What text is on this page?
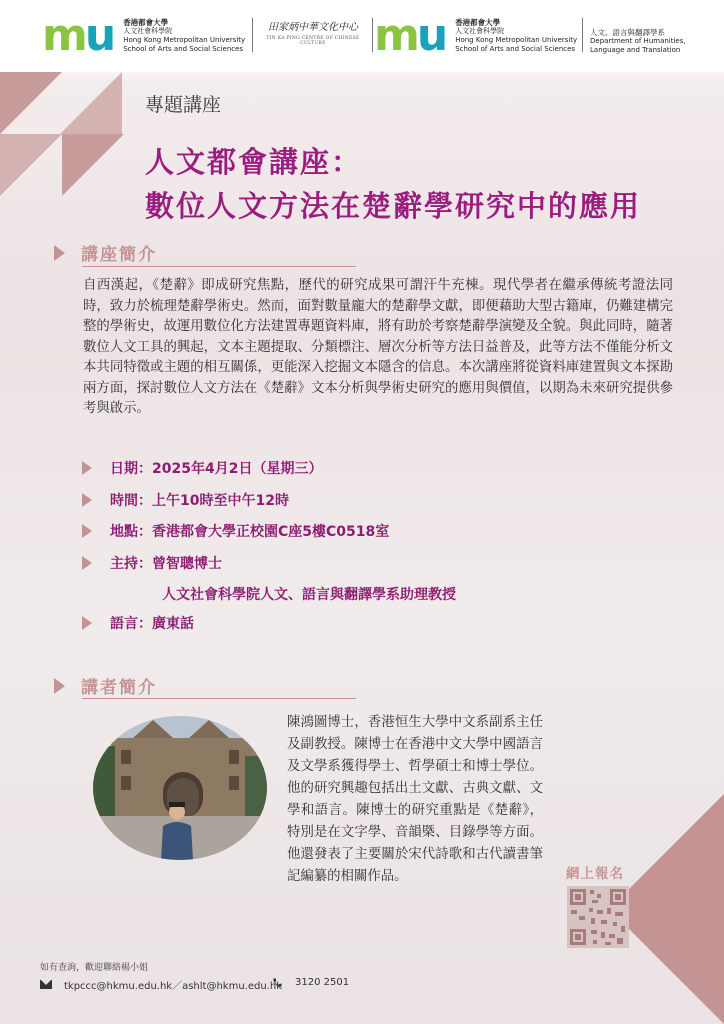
mu 香港都會大學
人文社會科學院
Hong Kong Metropolitan University
School of Arts and Social Sciences
田家炳中華文化中心
TIN KA PING CENTRE OF CHINESE CULTURE	mu 香港都會大學
人文社會科學院
Hong Kong Metropolitan University
School of Arts and Social Sciences
人文、語言與翻譯學系
Department of Humanities,
Language and Translation
專題講座
人文都會講座：
數位人文方法在楚辭學研究中的應用
講座簡介
自西漢起，《楚辭》即成研究焦點，歷代的研究成果可謂汗牛充棟。現代學者在繼承傳統考證法同時，致力於梳理楚辭學術史。然而，面對數量龐大的楚辭學文獻，即便藉助大型古籍庫，仍難建構完整的學術史，故運用數位化方法建置專題資料庫，將有助於考察楚辭學演變及全貌。與此同時，隨著數位人文工具的興起，文本主題提取、分類標注、層次分析等方法日益普及，此等方法不僅能分析文本共同特徵或主題的相互關係，更能深入挖掘文本隱含的信息。本次講座將從資料庫建置與文本探勘兩方面，探討數位人文方法在《楚辭》文本分析與學術史研究的應用與價值，以期為未來研究提供參考與啟示。
日期： 2025年4月2日（星期三）
時間： 上午10時至中午12時
地點： 香港都會大學正校園C座5樓C0518室
主持： 曾智聰博士
人文社會科學院人文、語言與翻譯學系助理教授
語言： 廣東話
講者簡介
陳鴻圖博士，香港恒生大學中文系副系主任及副教授。陳博士在香港中文大學中國語言及文學系獲得學士、哲學碩士和博士學位。他的研究興趣包括出土文獻、古典文獻、文學和語言。陳博士的研究重點是《楚辭》，特別是在文字學、音韻槩、目錄學等方面。他還發表了主要關於宋代詩歌和古代讀書筆記編纂的相關作品。	網上報名
如有查詢，歡迎聯絡楊小姐
tkpccc@hkmu.edu.hk／ashlt@hkmu.edu.hk 3120 2501
